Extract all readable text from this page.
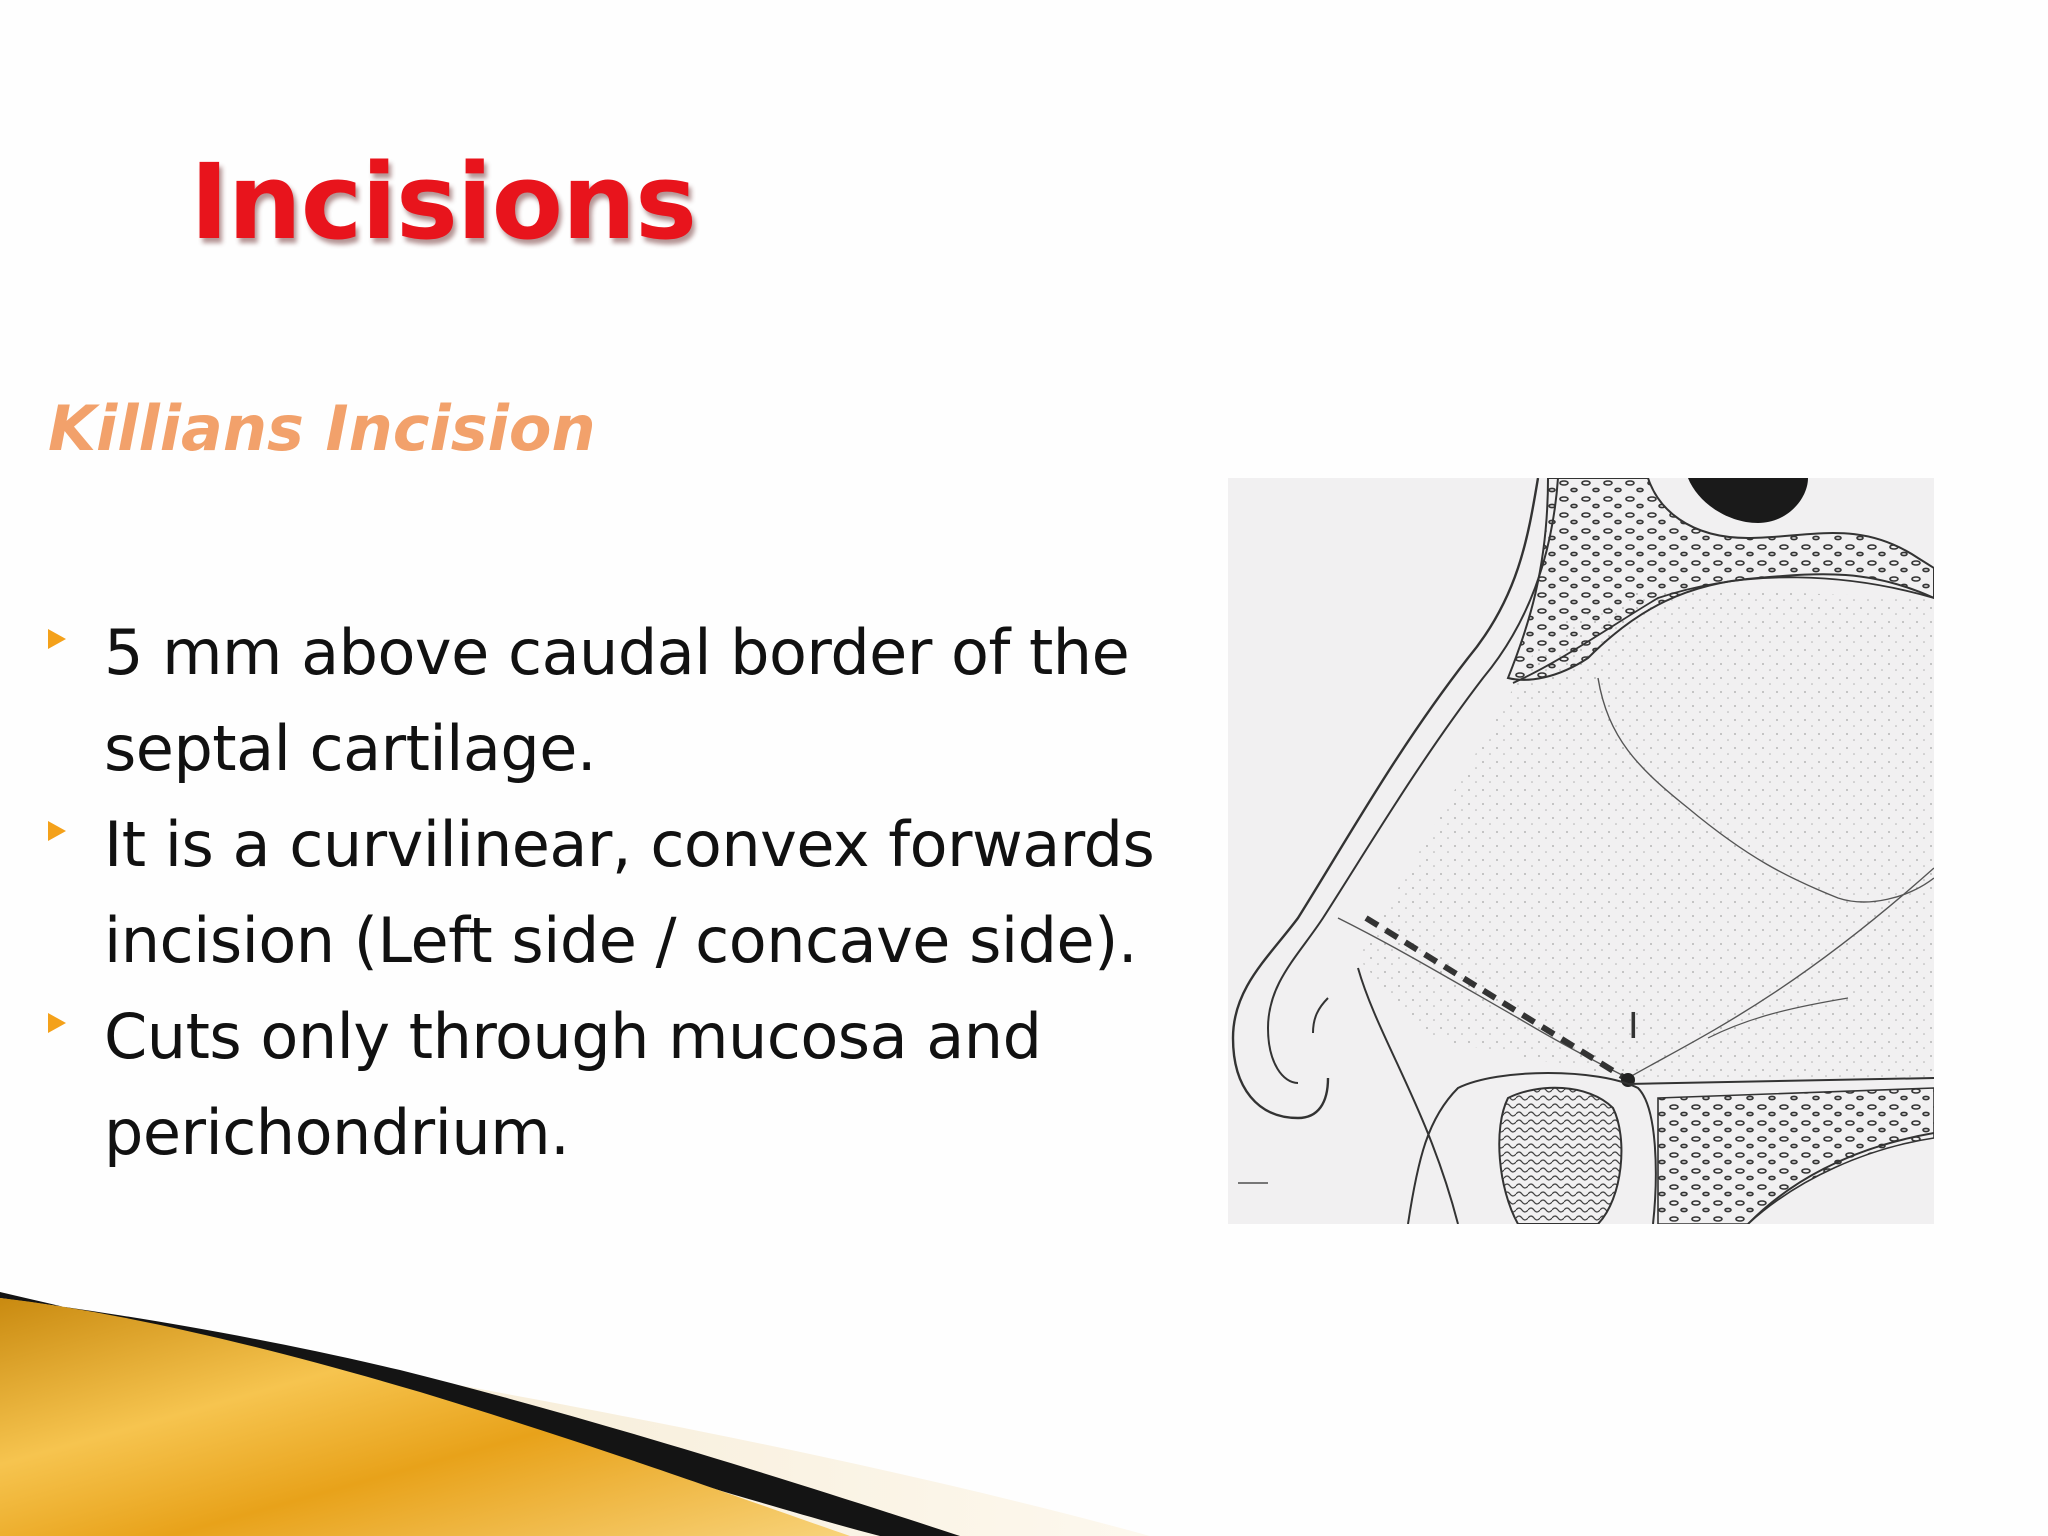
Incisions
Killians Incision
5 mm above caudal border of the septal cartilage.
It is a curvilinear, convex forwards incision (Left side / concave side).
Cuts only through mucosa and perichondrium.
I
